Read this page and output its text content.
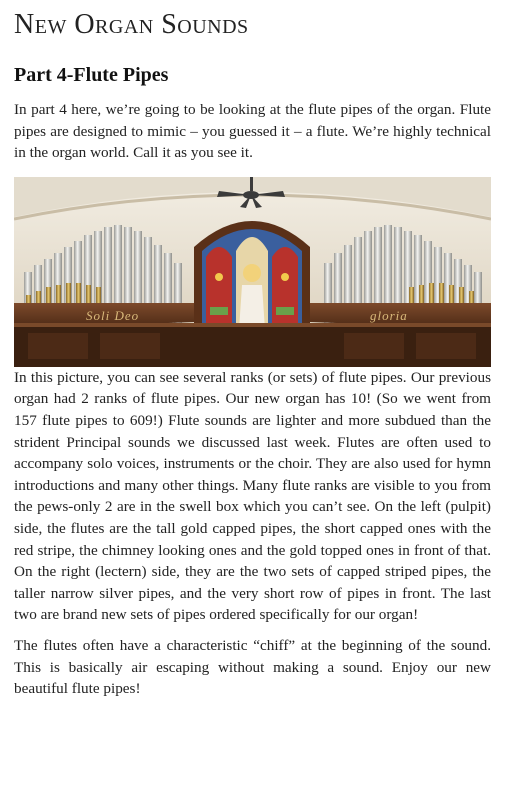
New Organ Sounds
Part 4-Flute Pipes

In part 4 here, we’re going to be looking at the flute pipes of the organ. Flute pipes are designed to mimic – you guessed it – a flute. We’re highly technical in the organ world. Call it as you see it.

Soli Deo	gloria

In this picture, you can see several ranks (or sets) of flute pipes. Our previous organ had 2 ranks of flute pipes. Our new organ has 10! (So we went from 157 flute pipes to 609!) Flute sounds are lighter and more subdued than the strident Principal sounds we discussed last week. Flutes are often used to accompany solo voices, instruments or the choir. They are also used for hymn introductions and many other things. Many flute ranks are visible to you from the pews-only 2 are in the swell box which you can’t see. On the left (pulpit) side, the flutes are the tall gold capped pipes, the short capped ones with the red stripe, the chimney looking ones and the gold topped ones in front of that. On the right (lectern) side, they are the two sets of capped striped pipes, the taller narrow silver pipes, and the very short row of pipes in front. The last two are brand new sets of pipes ordered specifically for our organ!

The flutes often have a characteristic “chiff” at the beginning of the sound. This is basically air escaping without making a sound. Enjoy our new beautiful flute pipes!
